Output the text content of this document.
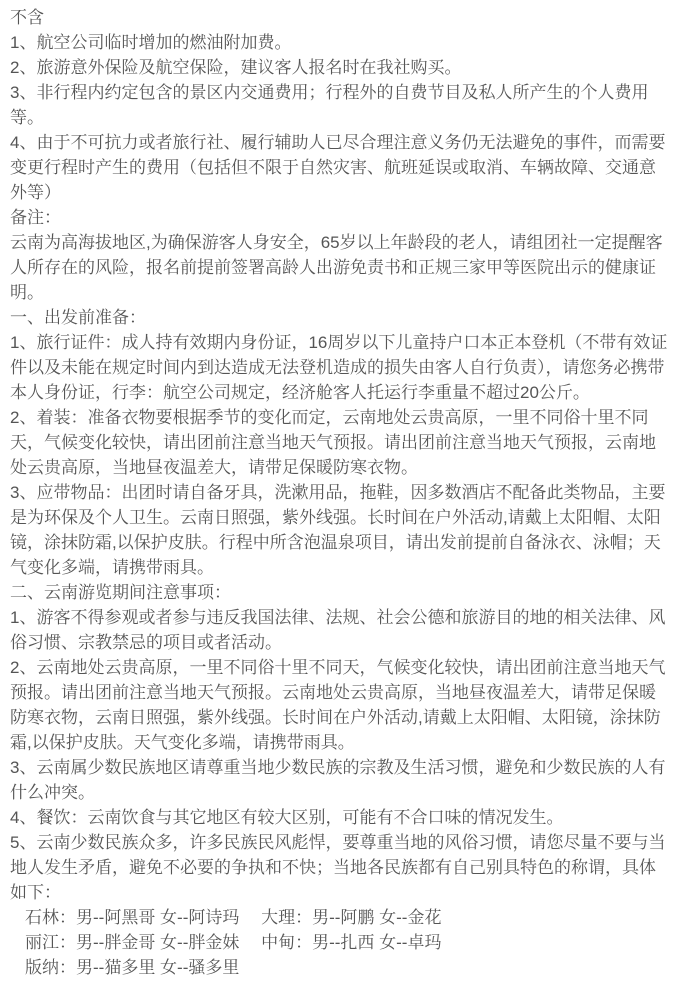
不含

1、航空公司临时增加的燃油附加费。

2、旅游意外保险及航空保险，建议客人报名时在我社购买。

3、非行程内约定包含的景区内交通费用；行程外的自费节目及私人所产生的个人费用等。

4、由于不可抗力或者旅行社、履行辅助人已尽合理注意义务仍无法避免的事件，而需要变更行程时产生的费用（包括但不限于自然灾害、航班延误或取消、车辆故障、交通意外等）

备注：

云南为高海拔地区,为确保游客人身安全，65岁以上年龄段的老人，请组团社一定提醒客人所存在的风险，报名前提前签署高龄人出游免责书和正规三家甲等医院出示的健康证明。

一、出发前准备：

1、旅行证件：成人持有效期内身份证，16周岁以下儿童持户口本正本登机（不带有效证件以及未能在规定时间内到达造成无法登机造成的损失由客人自行负责），请您务必携带本人身份证，行李：航空公司规定，经济舱客人托运行李重量不超过20公斤。

2、着装：准备衣物要根据季节的变化而定，云南地处云贵高原，一里不同俗十里不同天，气候变化较快，请出团前注意当地天气预报。请出团前注意当地天气预报，云南地处云贵高原，当地昼夜温差大，请带足保暖防寒衣物。

3、应带物品：出团时请自备牙具，洗漱用品，拖鞋，因多数酒店不配备此类物品，主要是为环保及个人卫生。云南日照强，紫外线强。长时间在户外活动,请戴上太阳帽、太阳镜，涂抹防霜,以保护皮肤。行程中所含泡温泉项目，请出发前提前自备泳衣、泳帽；天气变化多端，请携带雨具。

二、云南游览期间注意事项：

1、游客不得参观或者参与违反我国法律、法规、社会公德和旅游目的地的相关法律、风俗习惯、宗教禁忌的项目或者活动。

2、云南地处云贵高原，一里不同俗十里不同天，气候变化较快，请出团前注意当地天气预报。请出团前注意当地天气预报。云南地处云贵高原，当地昼夜温差大，请带足保暖防寒衣物，云南日照强，紫外线强。长时间在户外活动,请戴上太阳帽、太阳镜，涂抹防霜,以保护皮肤。天气变化多端，请携带雨具。

3、云南属少数民族地区请尊重当地少数民族的宗教及生活习惯，避免和少数民族的人有什么冲突。

4、餐饮：云南饮食与其它地区有较大区别，可能有不合口味的情况发生。

5、云南少数民族众多，许多民族民风彪悍，要尊重当地的风俗习惯，请您尽量不要与当地人发生矛盾，避免不必要的争执和不快；当地各民族都有自己别具特色的称谓，具体如下：

石林：男--阿黑哥 女--阿诗玛　 大理：男--阿鹏 女--金花

丽江：男--胖金哥 女--胖金妹　 中甸：男--扎西 女--卓玛

版纳：男--猫多里 女--骚多里
